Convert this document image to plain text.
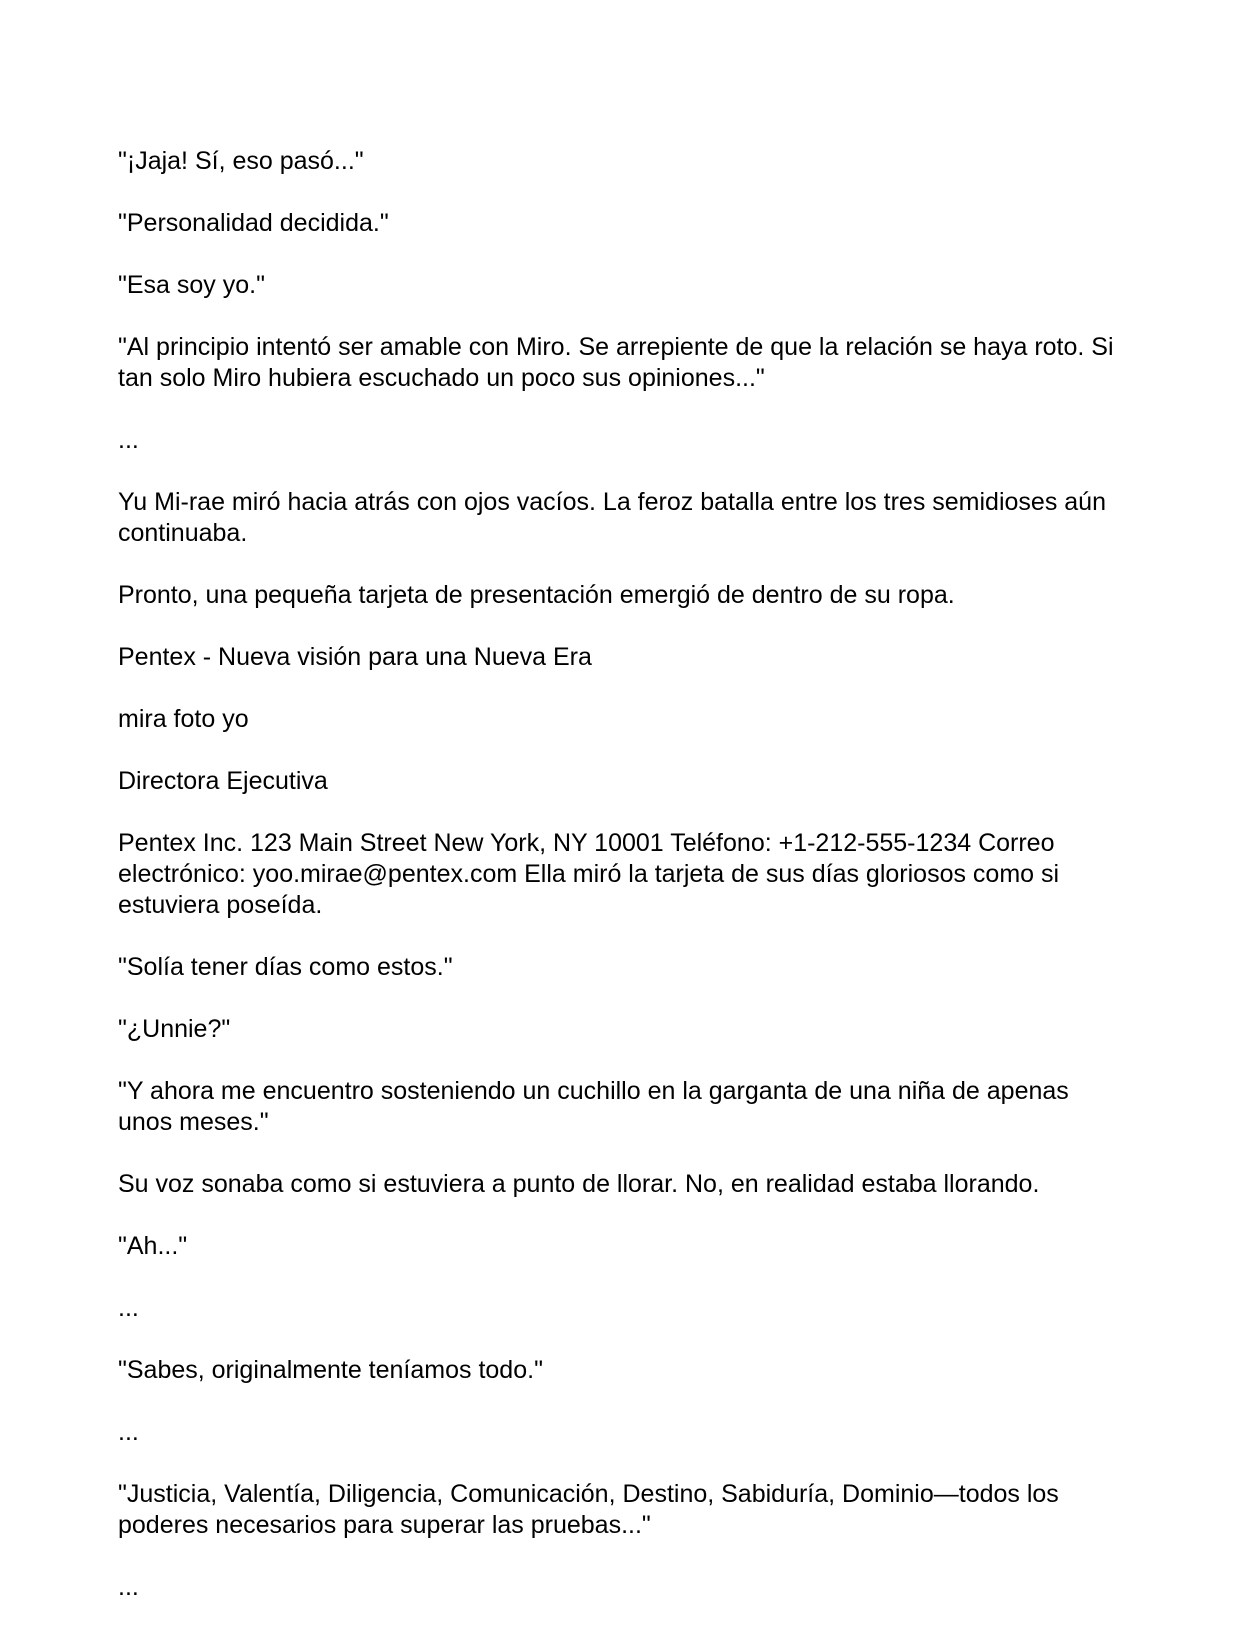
"¡Jaja! Sí, eso pasó..."

"Personalidad decidida."

"Esa soy yo."

"Al principio intentó ser amable con Miro. Se arrepiente de que la relación se haya roto. Si tan solo Miro hubiera escuchado un poco sus opiniones..."

...

Yu Mi-rae miró hacia atrás con ojos vacíos. La feroz batalla entre los tres semidioses aún continuaba.

Pronto, una pequeña tarjeta de presentación emergió de dentro de su ropa.

Pentex - Nueva visión para una Nueva Era

mira foto yo

Directora Ejecutiva

Pentex Inc. 123 Main Street New York, NY 10001 Teléfono: +1-212-555-1234 Correo electrónico: yoo.mirae@pentex.com Ella miró la tarjeta de sus días gloriosos como si estuviera poseída.

"Solía tener días como estos."

"¿Unnie?"

"Y ahora me encuentro sosteniendo un cuchillo en la garganta de una niña de apenas unos meses."

Su voz sonaba como si estuviera a punto de llorar. No, en realidad estaba llorando.

"Ah..."

...

"Sabes, originalmente teníamos todo."

...

"Justicia, Valentía, Diligencia, Comunicación, Destino, Sabiduría, Dominio—todos los poderes necesarios para superar las pruebas..."

...
